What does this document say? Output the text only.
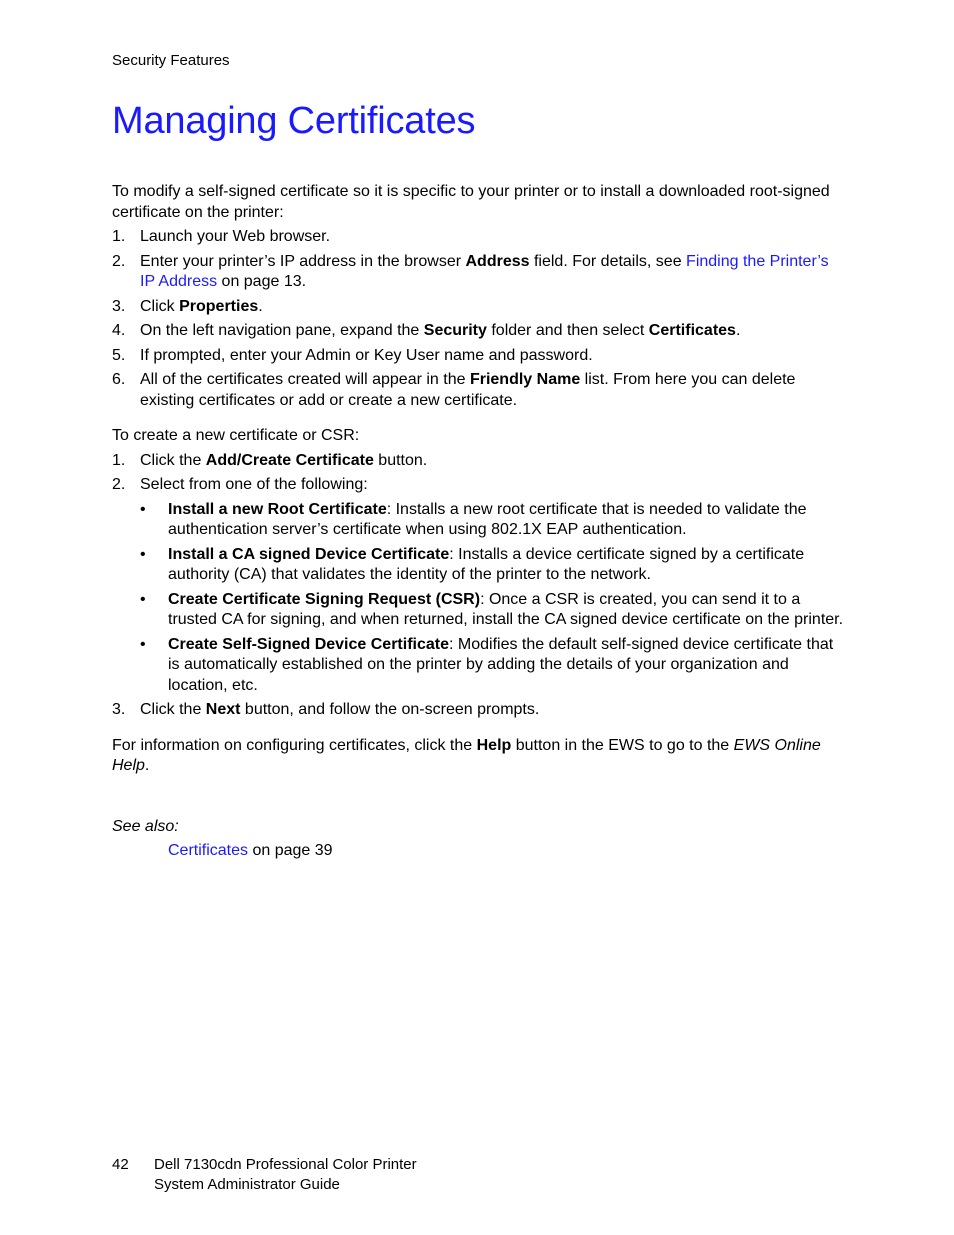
Security Features
Managing Certificates

To modify a self-signed certificate so it is specific to your printer or to install a downloaded root-signed certificate on the printer:

1. Launch your Web browser.
2. Enter your printer’s IP address in the browser Address field. For details, see Finding the Printer’s IP Address on page 13.
3. Click Properties.
4. On the left navigation pane, expand the Security folder and then select Certificates.
5. If prompted, enter your Admin or Key User name and password.
6. All of the certificates created will appear in the Friendly Name list. From here you can delete existing certificates or add or create a new certificate.

To create a new certificate or CSR:

1. Click the Add/Create Certificate button.
2. Select from one of the following:
• Install a new Root Certificate: Installs a new root certificate that is needed to validate the authentication server’s certificate when using 802.1X EAP authentication.
• Install a CA signed Device Certificate: Installs a device certificate signed by a certificate authority (CA) that validates the identity of the printer to the network.
• Create Certificate Signing Request (CSR): Once a CSR is created, you can send it to a trusted CA for signing, and when returned, install the CA signed device certificate on the printer.
• Create Self-Signed Device Certificate: Modifies the default self-signed device certificate that is automatically established on the printer by adding the details of your organization and location, etc.
3. Click the Next button, and follow the on-screen prompts.

For information on configuring certificates, click the Help button in the EWS to go to the EWS Online Help.

See also:

Certificates on page 39

42 Dell 7130cdn Professional Color Printer
System Administrator Guide
